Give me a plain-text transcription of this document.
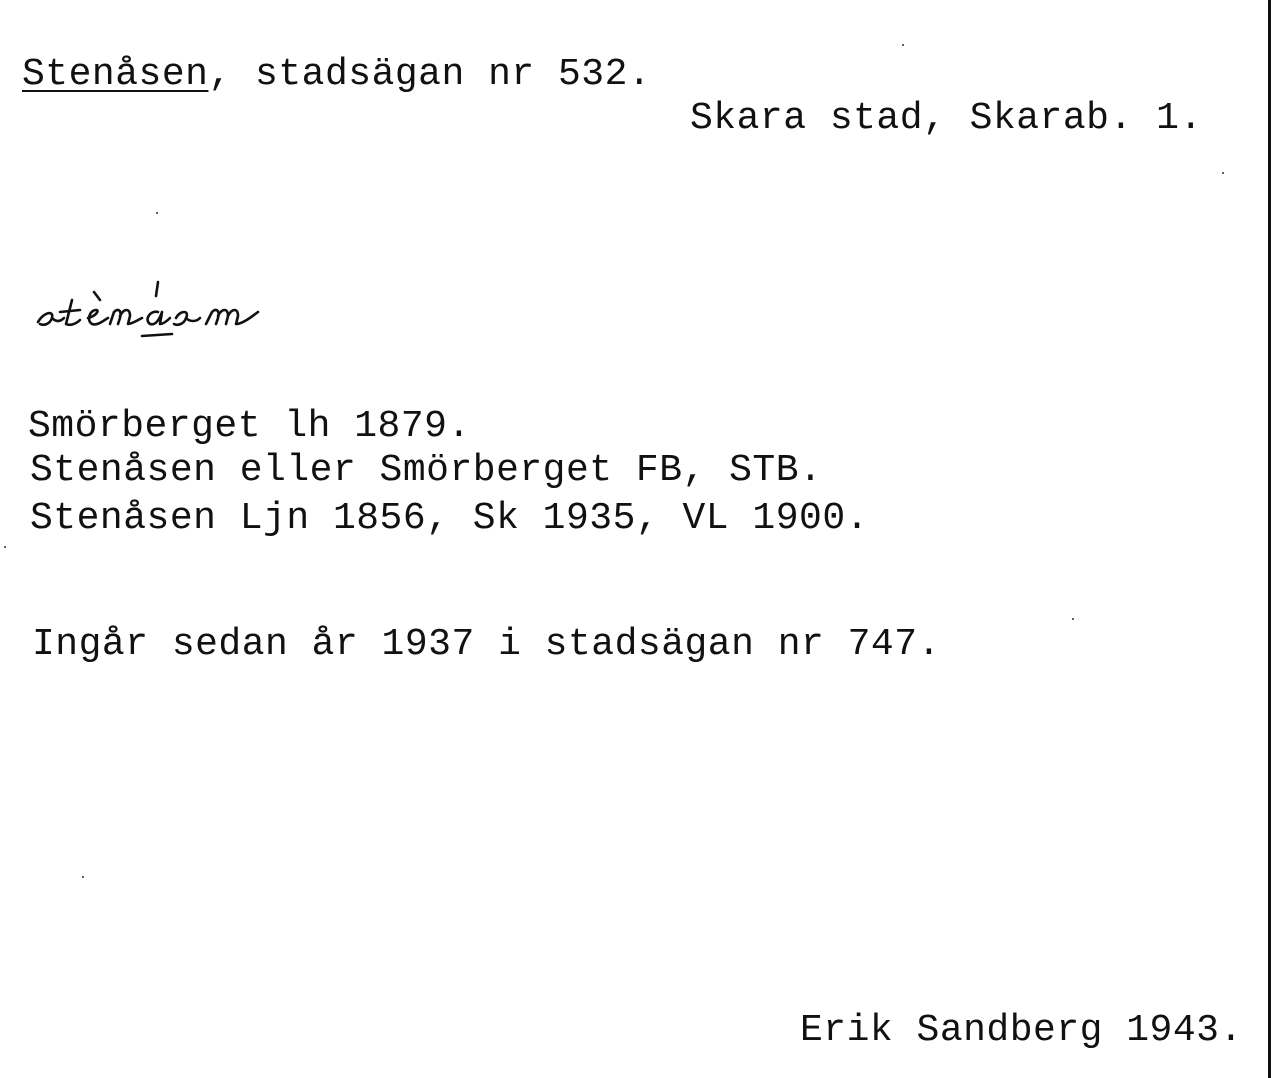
Stenåsen, stadsägan nr 532.
Skara stad, Skarab. 1.
Smörberget lh 1879.
Stenåsen eller Smörberget FB, STB.
Stenåsen Ljn 1856, Sk 1935, VL 1900.
Ingår sedan år 1937 i stadsägan nr 747.
Erik Sandberg 1943.
